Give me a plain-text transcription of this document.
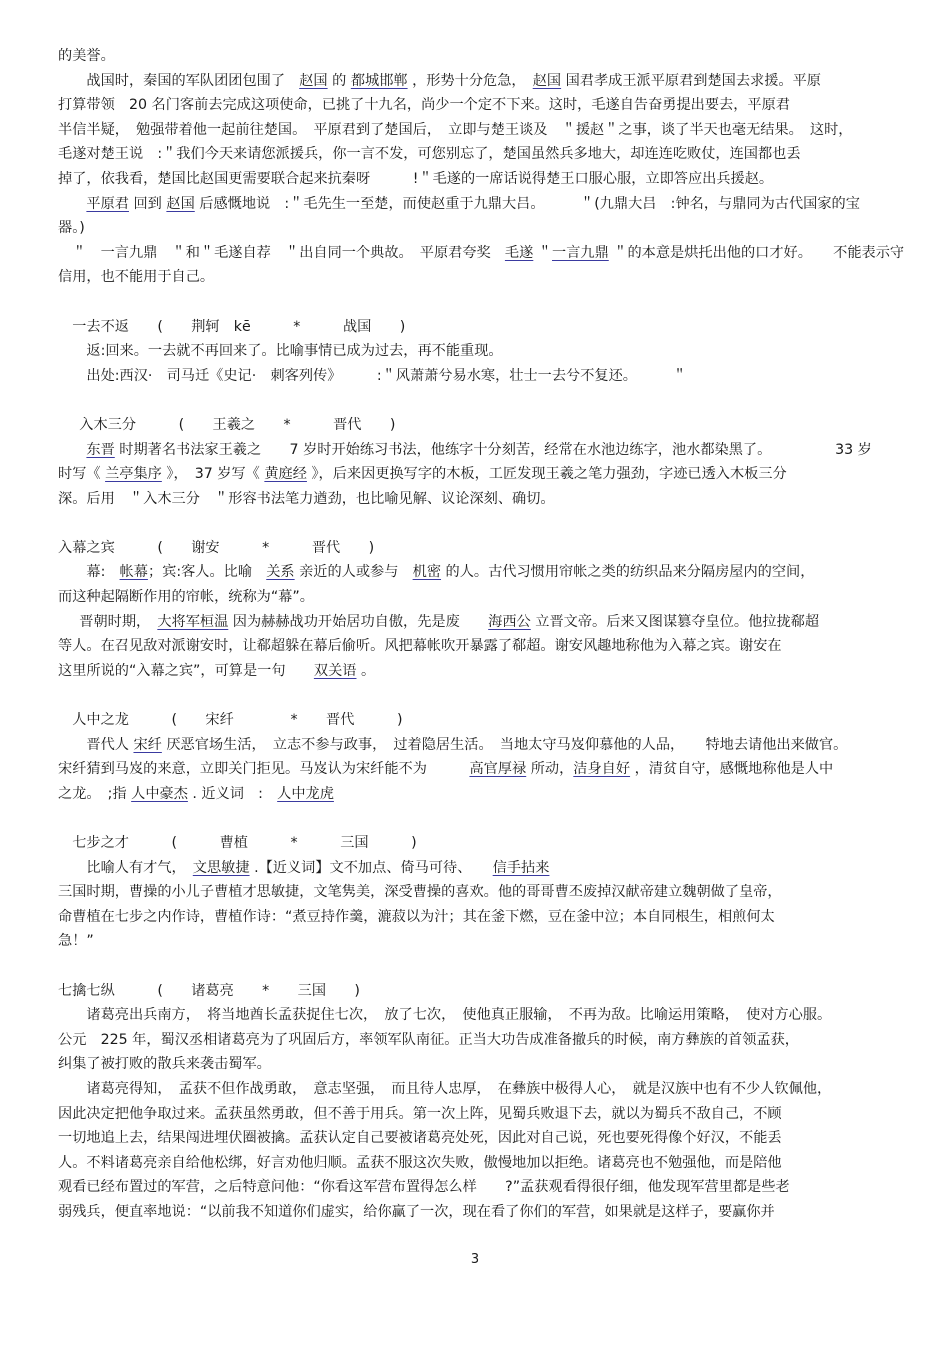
的美誉。

战国时，秦国的军队团团包围了　赵国 的 都城邯郸 ，形势十分危急，　赵国 国君孝成王派平原君到楚国去求援。平原

打算带领　20 名门客前去完成这项使命，已挑了十九名，尚少一个定不下来。这时，毛遂自告奋勇提出要去，平原君

半信半疑，　勉强带着他一起前往楚国。　平原君到了楚国后，　立即与楚王谈及　＂援赵＂之事，谈了半天也毫无结果。　这时，

毛遂对楚王说　:＂我们今天来请您派援兵，你一言不发，可您别忘了，楚国虽然兵多地大，却连连吃败仗，连国都也丢

掉了，依我看，楚国比赵国更需要联合起来抗秦呀　　　!＂毛遂的一席话说得楚王口服心服，立即答应出兵援赵。

平原君 回到 赵国 后感慨地说　:＂毛先生一至楚，而使赵重于九鼎大吕。　　　＂(九鼎大吕　:钟名，与鼎同为古代国家的宝

器。)

＂　一言九鼎　＂和＂毛遂自荐　＂出自同一个典故。　平原君夸奖　毛遂 ＂一言九鼎 ＂的本意是烘托出他的口才好。　　不能表示守

信用，也不能用于自己。

一去不返　　(　　荆轲　kē　　　*　　　战国　　)

返:回来。一去就不再回来了。比喻事情已成为过去，再不能重现。

出处:西汉·　司马迁《史记·　刺客列传》　　　:＂风萧萧兮易水寒，壮士一去兮不复还。　　　＂

入木三分　　　(　　王羲之　　*　　　晋代　　)

东晋 时期著名书法家王羲之　　7 岁时开始练习书法，他练字十分刻苦，经常在水池边练字，池水都染黑了。　　　　　33 岁

时写《 兰亭集序 》，　37 岁写《 黄庭经 》，后来因更换写字的木板，工匠发现王羲之笔力强劲，字迹已透入木板三分

深。后用　＂入木三分　＂形容书法笔力遒劲，也比喻见解、议论深刻、确切。

入幕之宾　　　(　　谢安　　　*　　　晋代　　)

幕:　帐幕；宾:客人。比喻　关系 亲近的人或参与　机密 的人。古代习惯用帘帐之类的纺织品来分隔房屋内的空间，

而这种起隔断作用的帘帐，统称为“幕”。

晋朝时期，　大将军桓温 因为赫赫战功开始居功自傲，先是废　　海西公 立晋文帝。后来又图谋篡夺皇位。他拉拢郗超

等人。在召见敌对派谢安时，让郗超躲在幕后偷听。风把幕帐吹开暴露了郗超。谢安风趣地称他为入幕之宾。谢安在

这里所说的“入幕之宾”，可算是一句　　双关语 。

人中之龙　　　(　　宋纤　　　　*　　晋代　　　)

晋代人 宋纤 厌恶官场生活，　立志不参与政事，　过着隐居生活。　当地太守马岌仰慕他的人品，　　特地去请他出来做官。

宋纤猜到马岌的来意，立即关门拒见。马岌认为宋纤能不为　　　高官厚禄 所动，洁身自好 ，清贫自守，感慨地称他是人中

之龙。　;指 人中豪杰 . 近义词　:　人中龙虎

七步之才　　　(　　　曹植　　　*　　　三国　　　)

比喻人有才气，　文思敏捷 .【近义词】文不加点、倚马可待、　　信手拈来

三国时期，曹操的小儿子曹植才思敏捷，文笔隽美，深受曹操的喜欢。他的哥哥曹丕废掉汉献帝建立魏朝做了皇帝，

命曹植在七步之内作诗，曹植作诗：“煮豆持作羹，漉菽以为汁；其在釜下燃，豆在釜中泣；本自同根生，相煎何太

急！”

七擒七纵　　　(　　诸葛亮　　*　　三国　　)

诸葛亮出兵南方，　将当地酋长孟获捉住七次，　放了七次，　使他真正服输，　不再为敌。比喻运用策略，　使对方心服。

公元　225 年，蜀汉丞相诸葛亮为了巩固后方，率领军队南征。正当大功告成准备撤兵的时候，南方彝族的首领孟获，

纠集了被打败的散兵来袭击蜀军。

诸葛亮得知，　孟获不但作战勇敢，　意志坚强，　而且待人忠厚，　在彝族中极得人心，　就是汉族中也有不少人钦佩他，

因此决定把他争取过来。孟获虽然勇敢，但不善于用兵。第一次上阵，见蜀兵败退下去，就以为蜀兵不敌自己，不顾

一切地追上去，结果闯进埋伏圈被擒。孟获认定自己要被诸葛亮处死，因此对自己说，死也要死得像个好汉，不能丢

人。不料诸葛亮亲自给他松绑，好言劝他归顺。孟获不服这次失败，傲慢地加以拒绝。诸葛亮也不勉强他，而是陪他

观看已经布置过的军营，之后特意问他：“你看这军营布置得怎么样　　?”孟获观看得很仔细，他发现军营里都是些老

弱残兵，便直率地说：“以前我不知道你们虚实，给你赢了一次，现在看了你们的军营，如果就是这样子，要赢你并

3
